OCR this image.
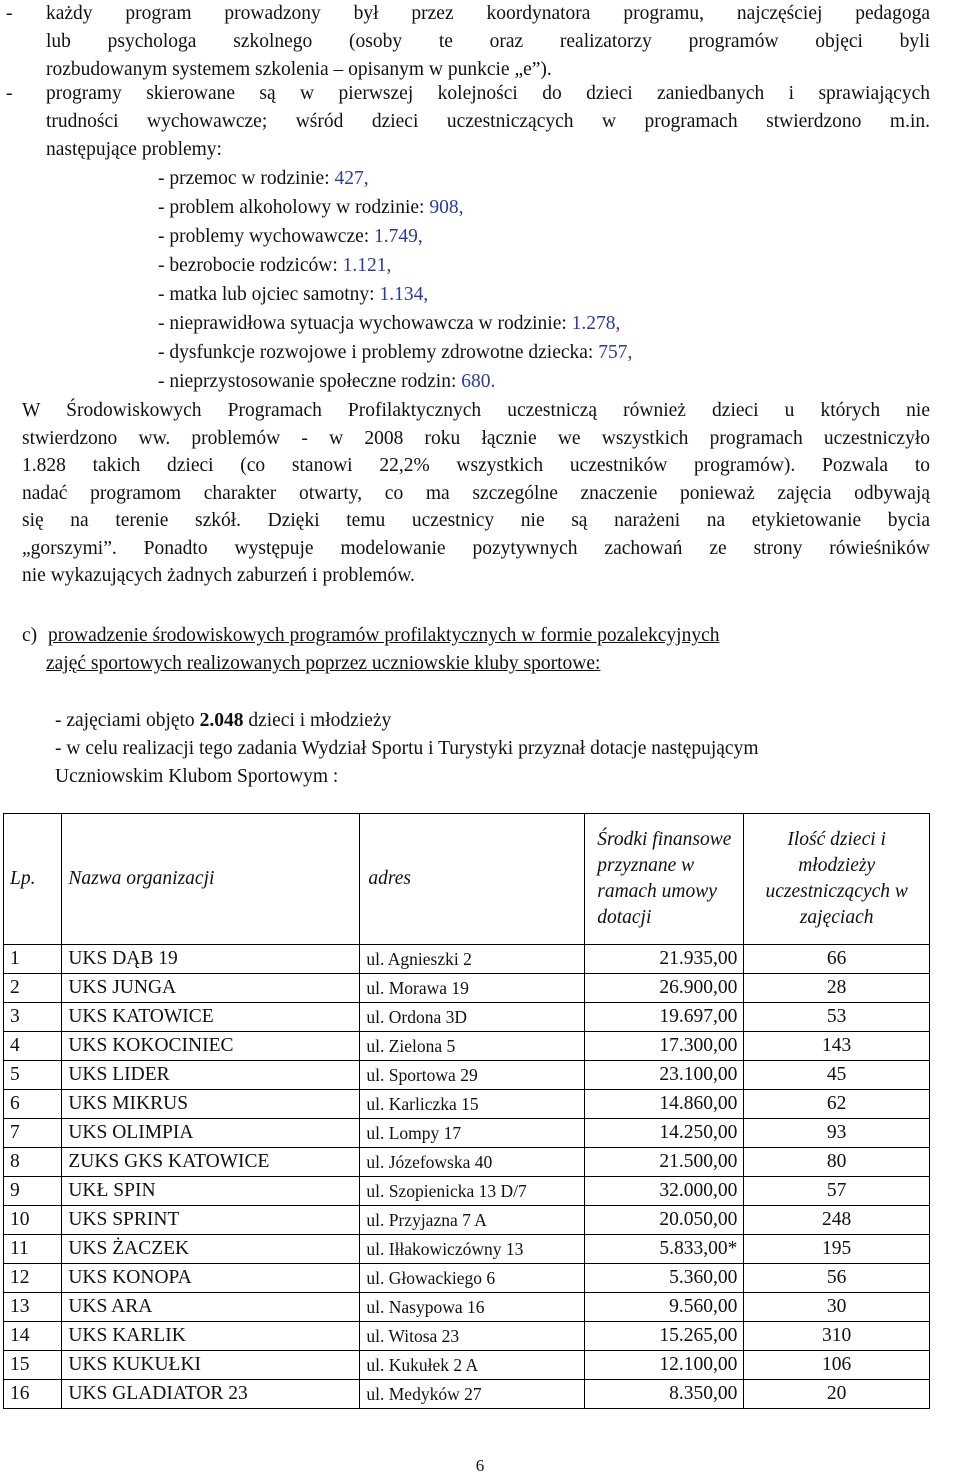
- każdy program prowadzony był przez koordynatora programu, najczęściej pedagoga
lub psychologa szkolnego (osoby te oraz realizatorzy programów objęci byli
rozbudowanym systemem szkolenia – opisanym w punkcie „e”).
- programy skierowane są w pierwszej kolejności do dzieci zaniedbanych i sprawiających
trudności wychowawcze; wśród dzieci uczestniczących w programach stwierdzono m.in.
następujące problemy:
- przemoc w rodzinie: 427,
- problem alkoholowy w rodzinie: 908,
- problemy wychowawcze: 1.749,
- bezrobocie rodziców: 1.121,
- matka lub ojciec samotny: 1.134,
- nieprawidłowa sytuacja wychowawcza w rodzinie: 1.278,
- dysfunkcje rozwojowe i problemy zdrowotne dziecka: 757,
- nieprzystosowanie społeczne rodzin: 680.
W Środowiskowych Programach Profilaktycznych uczestniczą również dzieci u których nie
stwierdzono ww. problemów - w 2008 roku łącznie we wszystkich programach uczestniczyło
1.828 takich dzieci (co stanowi 22,2% wszystkich uczestników programów). Pozwala to
nadać programom charakter otwarty, co ma szczególne znaczenie ponieważ zajęcia odbywają
się na terenie szkół. Dzięki temu uczestnicy nie są narażeni na etykietowanie bycia
„gorszymi”. Ponadto występuje modelowanie pozytywnych zachowań ze strony rówieśników
nie wykazujących żadnych zaburzeń i problemów.
c) prowadzenie środowiskowych programów profilaktycznych w formie pozalekcyjnych
zajęć sportowych realizowanych poprzez uczniowskie kluby sportowe:
- zajęciami objęto 2.048 dzieci i młodzieży
- w celu realizacji tego zadania Wydział Sportu i Turystyki przyznał dotacje następującym
Uczniowskim Klubom Sportowym :
Lp.	Nazwa organizacji	adres	Środki finansowe przyznane w ramach umowy dotacji	Ilość dzieci i młodzieży uczestniczących w zajęciach
1	UKS DĄB 19	ul. Agnieszki 2	21.935,00	66
2	UKS JUNGA	ul. Morawa 19	26.900,00	28
3	UKS KATOWICE	ul. Ordona 3D	19.697,00	53
4	UKS KOKOCINIEC	ul. Zielona 5	17.300,00	143
5	UKS LIDER	ul. Sportowa 29	23.100,00	45
6	UKS MIKRUS	ul. Karliczka 15	14.860,00	62
7	UKS OLIMPIA	ul. Lompy 17	14.250,00	93
8	ZUKS GKS KATOWICE	ul. Józefowska 40	21.500,00	80
9	UKŁ SPIN	ul. Szopienicka 13 D/7	32.000,00	57
10	UKS SPRINT	ul. Przyjazna 7 A	20.050,00	248
11	UKS ŻACZEK	ul. Iłłakowiczówny 13	5.833,00*	195
12	UKS KONOPA	ul. Głowackiego 6	5.360,00	56
13	UKS ARA	ul. Nasypowa 16	9.560,00	30
14	UKS KARLIK	ul. Witosa 23	15.265,00	310
15	UKS KUKUŁKI	ul. Kukułek 2 A	12.100,00	106
16	UKS GLADIATOR 23	ul. Medyków 27	8.350,00	20
6
